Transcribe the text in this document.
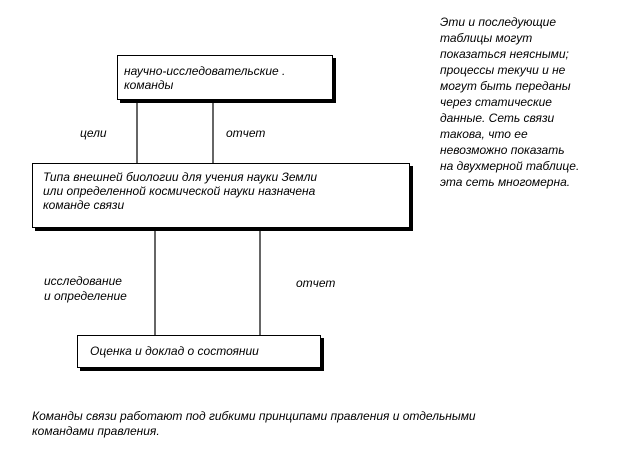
научно-исследовательские .
команды
Типа внешней биологии для учения науки Земли
или определенной космической науки назначена
команде связи
Оценка и доклад о состоянии
цели	отчет
исследование
и определение
отчет
Эти и последующие
таблицы могут
показаться неясными;
процессы текучи и не
могут быть переданы
через статические
данные. Сеть связи
такова, что ее
невозможно показать
на двухмерной таблице.
эта сеть многомерна.
Команды связи работают под гибкими принципами правления и отдельными
командами правления.
